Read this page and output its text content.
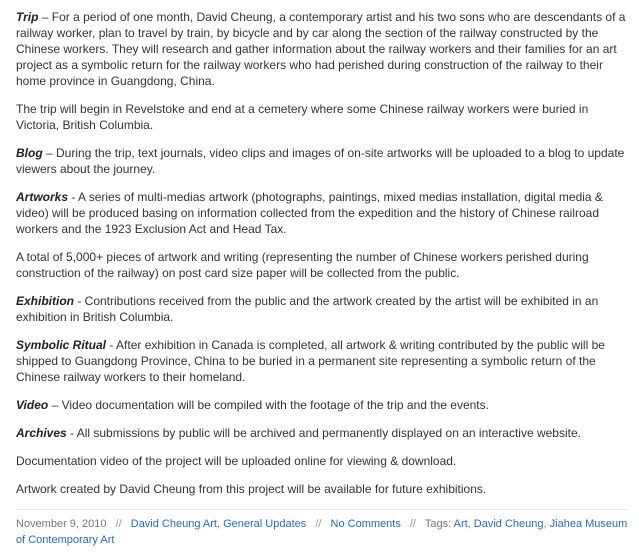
Trip – For a period of one month, David Cheung, a contemporary artist and his two sons who are descendants of a railway worker, plan to travel by train, by bicycle and by car along the section of the railway constructed by the Chinese workers. They will research and gather information about the railway workers and their families for an art project as a symbolic return for the railway workers who had perished during construction of the railway to their home province in Guangdong, China.

The trip will begin in Revelstoke and end at a cemetery where some Chinese railway workers were buried in Victoria, British Columbia.

Blog – During the trip, text journals, video clips and images of on-site artworks will be uploaded to a blog to update viewers about the journey.

Artworks - A series of multi-medias artwork (photographs, paintings, mixed medias installation, digital media & video) will be produced basing on information collected from the expedition and the history of Chinese railroad workers and the 1923 Exclusion Act and Head Tax.

A total of 5,000+ pieces of artwork and writing (representing the number of Chinese workers perished during construction of the railway) on post card size paper will be collected from the public.

Exhibition - Contributions received from the public and the artwork created by the artist will be exhibited in an exhibition in British Columbia.

Symbolic Ritual - After exhibition in Canada is completed, all artwork & writing contributed by the public will be shipped to Guangdong Province, China to be buried in a permanent site representing a symbolic return of the Chinese railway workers to their homeland.

Video – Video documentation will be compiled with the footage of the trip and the events.

Archives - All submissions by public will be archived and permanently displayed on an interactive website.

Documentation video of the project will be uploaded online for viewing & download.

Artwork created by David Cheung from this project will be available for future exhibitions.

November 9, 2010 // David Cheung Art, General Updates // No Comments // Tags: Art, David Cheung, Jiahea Museum of Contemporary Art
